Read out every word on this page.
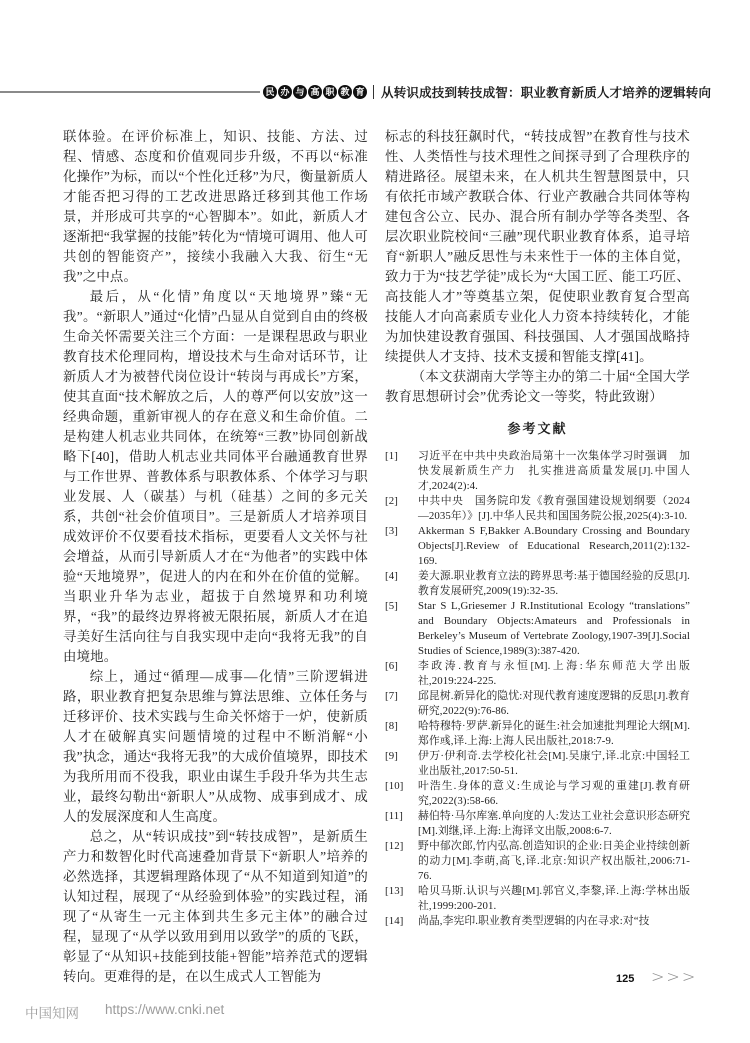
民 办 与 高 职 教 育 从转识成技到转技成智：职业教育新质人才培养的逻辑转向

联体验。在评价标准上，知识、技能、方法、过程、情感、态度和价值观同步升级，不再以“标准化操作”为标，而以“个性化迁移”为尺，衡量新质人才能否把习得的工艺改进思路迁移到其他工作场景，并形成可共享的“心智脚本”。如此，新质人才逐渐把“我掌握的技能”转化为“情境可调用、他人可共创的智能资产”，接续小我融入大我、衍生“无我”之中点。

最后，从“化情”角度以“天地境界”臻“无我”。“新职人”通过“化情”凸显从自觉到自由的终极生命关怀需要关注三个方面：一是课程思政与职业教育技术伦理同构，增设技术与生命对话环节，让新质人才为被替代岗位设计“转岗与再成长”方案，使其直面“技术解放之后，人的尊严何以安放”这一经典命题，重新审视人的存在意义和生命价值。二是构建人机志业共同体，在统筹“三教”协同创新战略下[40]，借助人机志业共同体平台融通教育世界与工作世界、普教体系与职教体系、个体学习与职业发展、人（碳基）与机（硅基）之间的多元关系，共创“社会价值项目”。三是新质人才培养项目成效评价不仅要看技术指标，更要看人文关怀与社会增益，从而引导新质人才在“为他者”的实践中体验“天地境界”，促进人的内在和外在价值的觉解。当职业升华为志业，超拔于自然境界和功利境界，“我”的最终边界将被无限拓展，新质人才在追寻美好生活向往与自我实现中走向“我将无我”的自由境地。

综上，通过“循理—成事—化情”三阶逻辑进路，职业教育把复杂思维与算法思维、立体任务与迁移评价、技术实践与生命关怀熔于一炉，使新质人才在破解真实问题情境的过程中不断消解“小我”执念，通达“我将无我”的大成价值境界，即技术为我所用而不役我，职业由谋生手段升华为共生志业，最终勾勒出“新职人”从成物、成事到成才、成人的发展深度和人生高度。

总之，从“转识成技”到“转技成智”，是新质生产力和数智化时代高速叠加背景下“新职人”培养的必然选择，其逻辑理路体现了“从不知道到知道”的认知过程，展现了“从经验到体验”的实践过程，涌现了“从寄生一元主体到共生多元主体”的融合过程，显现了“从学以致用到用以致学”的质的飞跃，彰显了“从知识+技能到技能+智能”培养范式的逻辑转向。更难得的是，在以生成式人工智能为

标志的科技狂飙时代，“转技成智”在教育性与技术性、人类悟性与技术理性之间探寻到了合理秩序的精进路径。展望未来，在人机共生智慧图景中，只有依托市域产教联合体、行业产教融合共同体等构建包含公立、民办、混合所有制办学等各类型、各层次职业院校间“三融”现代职业教育体系，追寻培育“新职人”融反思性与未来性于一体的主体自觉，致力于为“技艺学徒”成长为“大国工匠、能工巧匠、高技能人才”等奠基立架，促使职业教育复合型高技能人才向高素质专业化人力资本持续转化，才能为加快建设教育强国、科技强国、人才强国战略持续提供人才支持、技术支援和智能支撑[41]。

（本文获湖南大学等主办的第二十届“全国大学教育思想研讨会”优秀论文一等奖，特此致谢）

参考文献
[1]	习近平在中共中央政治局第十一次集体学习时强调　加快发展新质生产力　扎实推进高质量发展[J].中国人才,2024(2):4.
[2]	中共中央　国务院印发《教育强国建设规划纲要（2024—2035年）》[J].中华人民共和国国务院公报,2025(4):3-10.
[3]	Akkerman S F,Bakker A.Boundary Crossing and Boundary Objects[J].Review of Educational Research,2011(2):132-169.
[4]	姜大源.职业教育立法的跨界思考:基于德国经验的反思[J].教育发展研究,2009(19):32-35.
[5]	Star S L,Griesemer J R.Institutional Ecology “translations” and Boundary Objects:Amateurs and Professionals in Berkeley’s Museum of Vertebrate Zoology,1907-39[J].Social Studies of Science,1989(3):387-420.
[6]	李政涛.教育与永恒[M].上海:华东师范大学出版社,2019:224-225.
[7]	邱昆树.新异化的隐忧:对现代教育速度逻辑的反思[J].教育研究,2022(9):76-86.
[8]	哈特穆特·罗萨.新异化的诞生:社会加速批判理论大纲[M].郑作彧,译.上海:上海人民出版社,2018:7-9.
[9]	伊万·伊利奇.去学校化社会[M].吴康宁,译.北京:中国轻工业出版社,2017:50-51.
[10]	叶浩生.身体的意义:生成论与学习观的重建[J].教育研究,2022(3):58-66.
[11]	赫伯特·马尔库塞.单向度的人:发达工业社会意识形态研究[M].刘继,译.上海:上海译文出版,2008:6-7.
[12]	野中郁次郎,竹内弘高.创造知识的企业:日美企业持续创新的动力[M].李萌,高飞,译.北京:知识产权出版社,2006:71-76.
[13]	哈贝马斯.认识与兴趣[M].郭官义,李黎,译.上海:学林出版社,1999:200-201.
[14]	尚晶,李宪印.职业教育类型逻辑的内在寻求:对“技
125 >>>
中国知网 https://www.cnki.net
